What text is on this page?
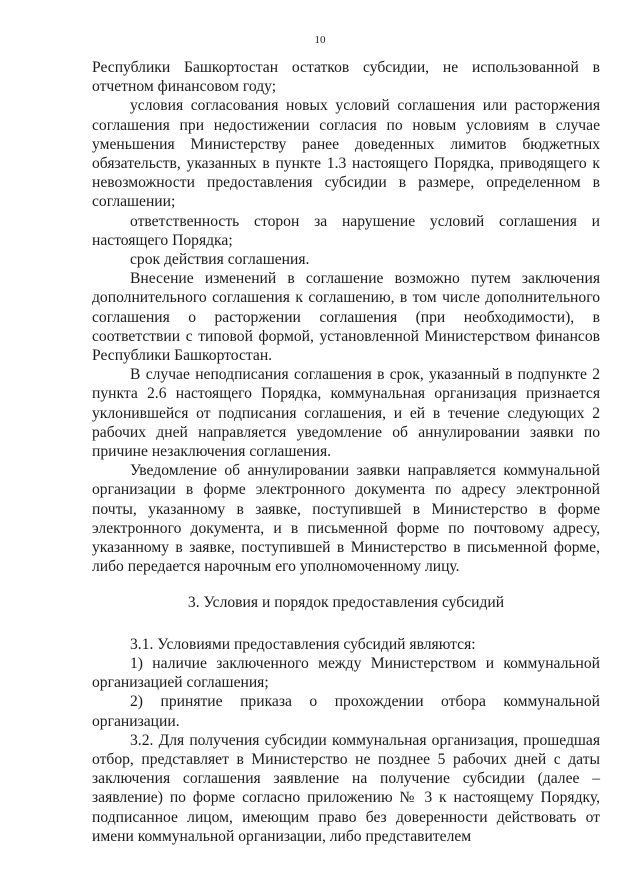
10

Республики Башкортостан остатков субсидии, не использованной в отчетном финансовом году;

условия согласования новых условий соглашения или расторжения соглашения при недостижении согласия по новым условиям в случае уменьшения Министерству ранее доведенных лимитов бюджетных обязательств, указанных в пункте 1.3 настоящего Порядка, приводящего к невозможности предоставления субсидии в размере, определенном в соглашении;

ответственность сторон за нарушение условий соглашения и настоящего Порядка;

срок действия соглашения.

Внесение изменений в соглашение возможно путем заключения дополнительного соглашения к соглашению, в том числе дополнительного соглашения о расторжении соглашения (при необходимости), в соответствии с типовой формой, установленной Министерством финансов Республики Башкортостан.

В случае неподписания соглашения в срок, указанный в подпункте 2 пункта 2.6 настоящего Порядка, коммунальная организация признается уклонившейся от подписания соглашения, и ей в течение следующих 2 рабочих дней направляется уведомление об аннулировании заявки по причине незаключения соглашения.

Уведомление об аннулировании заявки направляется коммунальной организации в форме электронного документа по адресу электронной почты, указанному в заявке, поступившей в Министерство в форме электронного документа, и в письменной форме по почтовому адресу, указанному в заявке, поступившей в Министерство в письменной форме, либо передается нарочным его уполномоченному лицу.

3. Условия и порядок предоставления субсидий

3.1. Условиями предоставления субсидий являются:

1) наличие заключенного между Министерством и коммунальной организацией соглашения;

2) принятие приказа о прохождении отбора коммунальной организации.

3.2. Для получения субсидии коммунальная организация, прошедшая отбор, представляет в Министерство не позднее 5 рабочих дней с даты заключения соглашения заявление на получение субсидии (далее – заявление) по форме согласно приложению № 3 к настоящему Порядку, подписанное лицом, имеющим право без доверенности действовать от имени коммунальной организации, либо представителем
